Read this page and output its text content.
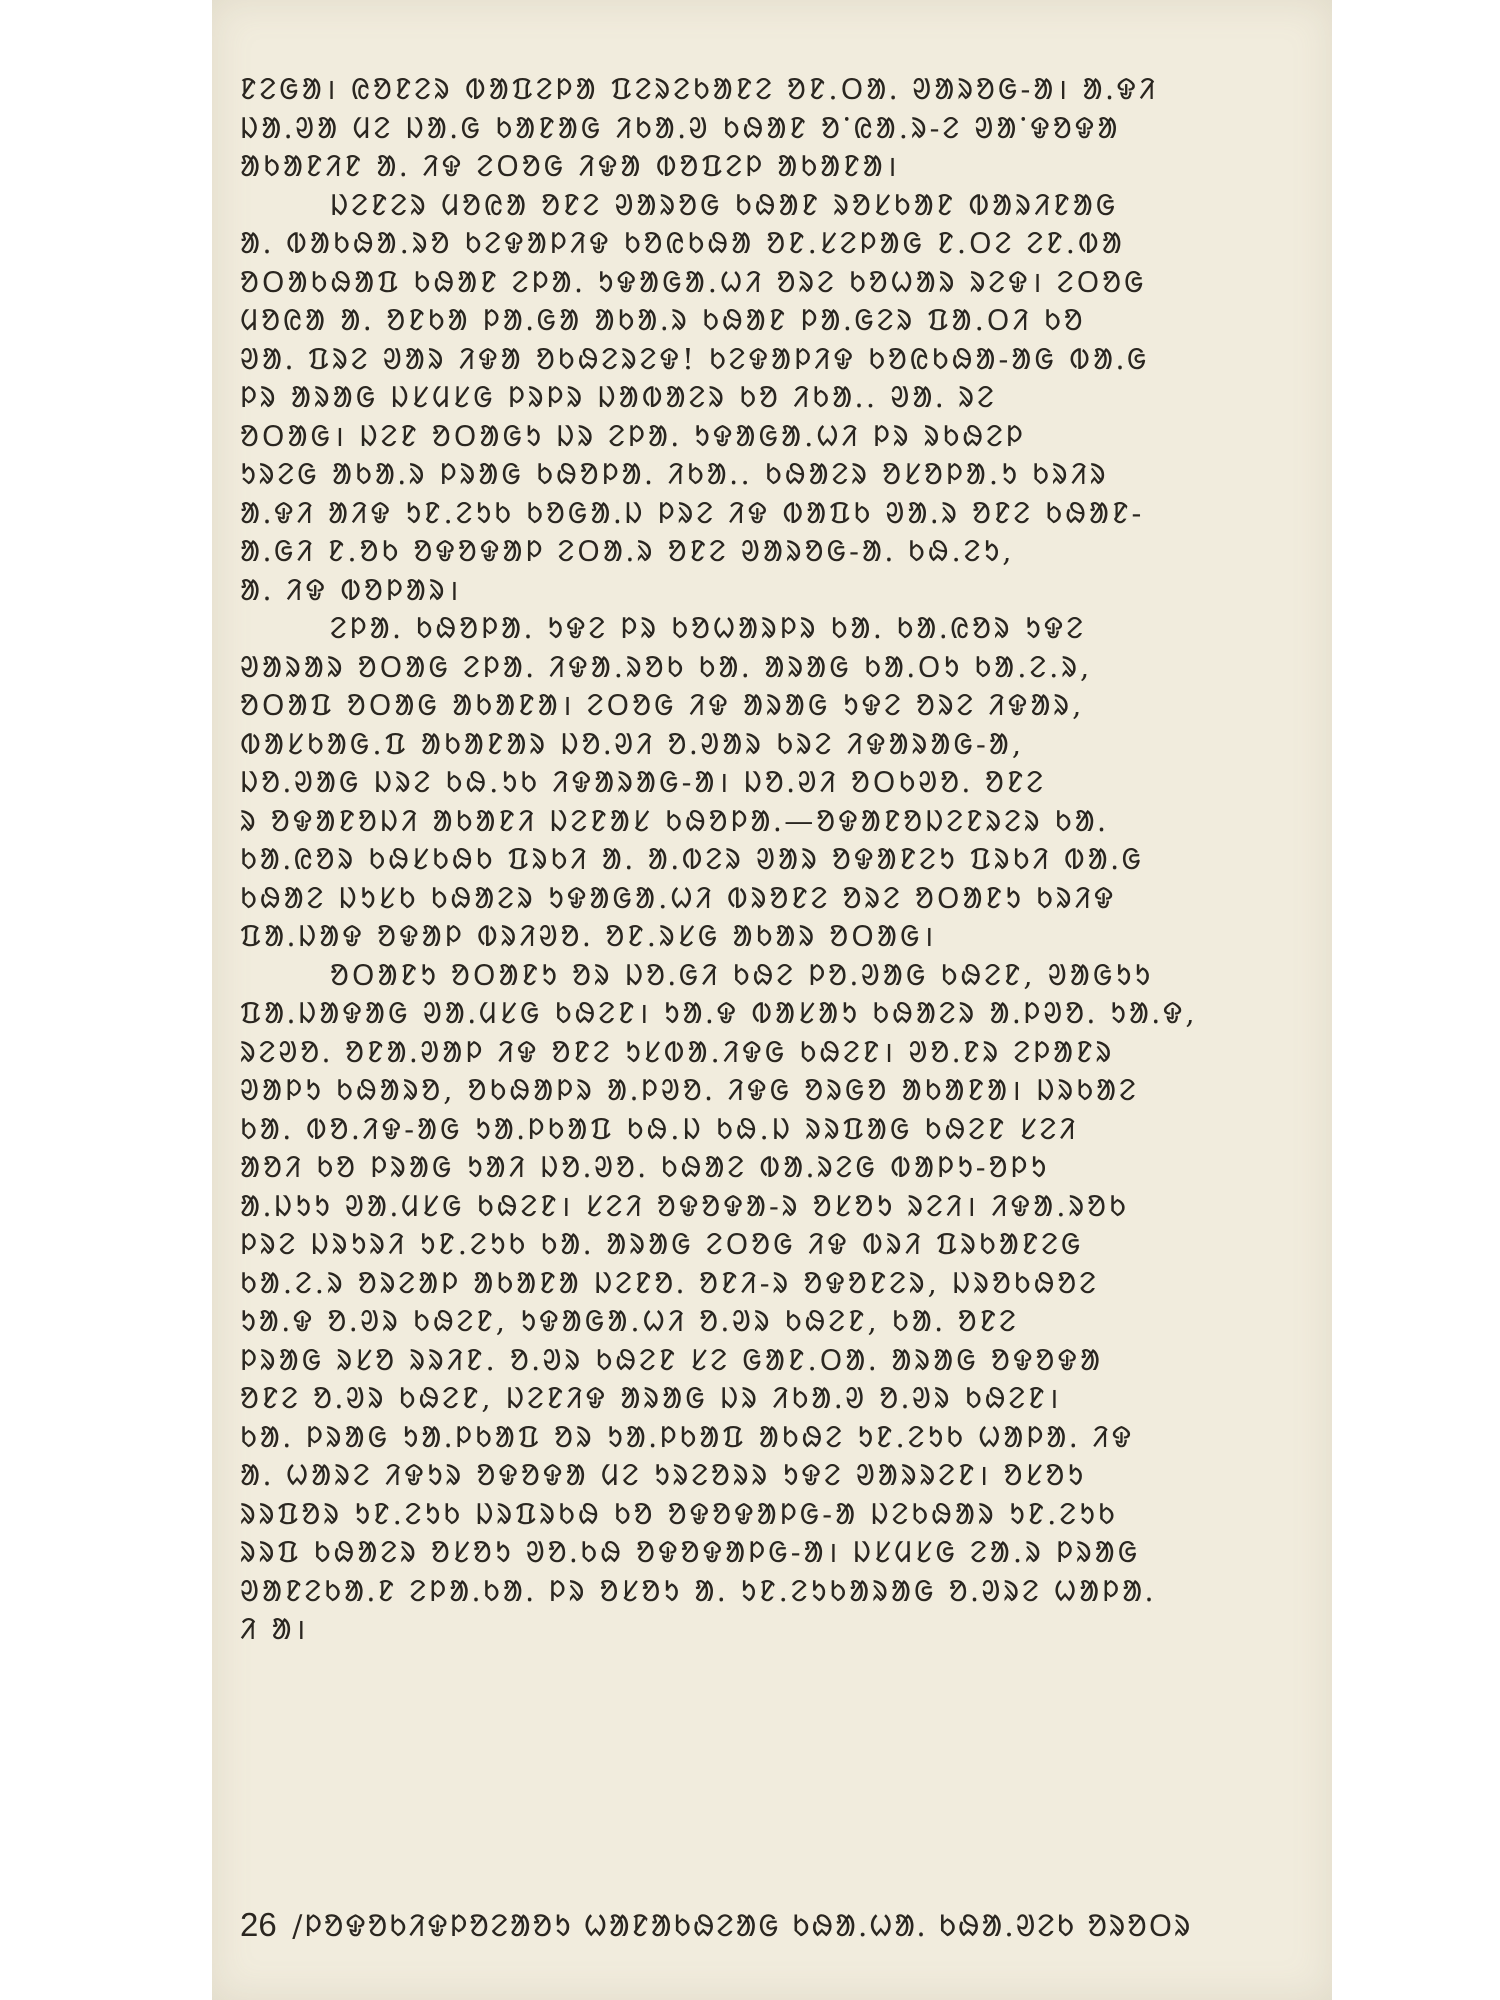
ᱱᱮᱜᱟ। ᱭᱚᱱᱮᱨ ᱵᱟᱯᱮᱞᱟ ᱯᱮᱨᱮᱠᱟᱱᱮ ᱚᱱ.ᱛᱟᱹ ᱣᱟᱨᱚᱜ-ᱟ। ᱟᱹᱫᱤ
ᱡᱟᱹᱣᱟ ᱢᱮ ᱡᱟᱹᱜ ᱠᱟᱱᱟᱜ ᱤᱠᱟᱹᱣ ᱠᱷᱟᱱ ᱚᱸᱭᱟ.ᱨ-ᱮ ᱣᱟᱸᱫᱚᱫᱟ
ᱟᱠᱟᱱᱤᱱ ᱟᱹ ᱤᱫ ᱮᱛᱚᱜ ᱤᱫᱟ ᱵᱚᱯᱮᱞ ᱟᱠᱟᱱᱟ।
ᱡᱮᱱᱮᱨ ᱢᱚᱭᱟ ᱚᱱᱮ ᱣᱟᱨᱚᱜ ᱠᱷᱟᱱ ᱨᱚᱥᱠᱟᱱ ᱵᱟᱨᱤᱱᱟᱜ
ᱟᱹ ᱵᱟᱠᱷᱟ.ᱨᱚ ᱠᱮᱫᱟᱞᱤᱫ ᱠᱚᱭᱠᱷᱟ ᱚᱱ.ᱥᱮᱞᱟᱜ ᱱ.ᱛᱮ ᱮᱱ.ᱵᱟ
ᱚᱛᱟᱠᱷᱟᱯ ᱠᱷᱟᱱ ᱮᱞᱟᱹ ᱩᱫᱟᱜᱟ.ᱦᱤ ᱚᱨᱮ ᱠᱚᱦᱟᱨ ᱨᱮᱫ। ᱮᱛᱚᱜ
ᱢᱚᱭᱟ ᱟᱹ ᱚᱱᱠᱟ ᱞᱟᱹᱜᱟ ᱟᱠᱟᱹᱨ ᱠᱷᱟᱱ ᱞᱟᱹᱜᱮᱨ ᱯᱟ.ᱛᱤ ᱠᱚ
ᱣᱟᱹ ᱯᱨᱮ ᱣᱟᱨ ᱤᱫᱟ ᱚᱠᱷᱮᱨᱮᱫ! ᱠᱮᱫᱟᱞᱤᱫ ᱠᱚᱭᱠᱷᱟ-ᱟᱜ ᱵᱟᱹᱜ
ᱞᱨ ᱟᱨᱟᱜ ᱡᱥᱢᱥᱜ ᱞᱨᱞᱨ ᱡᱟᱵᱟᱮᱨ ᱠᱚ ᱤᱠᱟᱹ. ᱣᱟᱹ ᱨᱮ
ᱚᱛᱟᱜ। ᱡᱮᱱ ᱚᱛᱟᱜᱩ ᱡᱨ ᱮᱞᱟᱹ ᱩᱫᱟᱜᱟ.ᱦᱤ ᱞᱨ ᱨᱠᱷᱮᱞ
ᱩᱨᱮᱜ ᱟᱠᱟᱹᱨ ᱞᱨᱟᱜ ᱠᱷᱚᱞᱟᱹ ᱤᱠᱟᱹ. ᱠᱷᱟᱮᱨ ᱚᱥᱚᱞᱟ.ᱩ ᱠᱨᱤᱨ
ᱟᱹᱫᱤ ᱟᱤᱫ ᱩᱱ.ᱮᱩᱠ ᱠᱚᱜᱟᱹᱡ ᱞᱨᱮ ᱤᱫ ᱵᱟᱯᱠ ᱣᱟᱹᱨ ᱚᱱᱮ ᱠᱷᱟᱱ-
ᱟᱹᱜᱤ ᱱ.ᱚᱠ ᱚᱫᱚᱫᱟᱞ ᱮᱛᱟᱹᱨ ᱚᱱᱮ ᱣᱟᱨᱚᱜ-ᱟᱹ ᱠᱷ.ᱮᱩ,
ᱟᱹ ᱤᱫ ᱵᱚᱞᱟᱨ।
ᱮᱞᱟᱹ ᱠᱷᱚᱞᱟᱹ ᱩᱫᱮ ᱞᱨ ᱠᱚᱦᱟᱨᱞᱨ ᱠᱟᱹ ᱠᱟᱹᱭᱚᱨ ᱩᱫᱮ
ᱣᱟᱨᱟᱨ ᱚᱛᱟᱜ ᱮᱞᱟᱹ ᱤᱫᱟ.ᱨᱚᱠ ᱠᱟᱹ ᱟᱨᱟᱜ ᱠᱟᱹᱛᱩ ᱠᱟ.ᱮ.ᱨ,
ᱚᱛᱟᱯ ᱚᱛᱟᱜ ᱟᱠᱟᱱᱟ। ᱮᱛᱚᱜ ᱤᱫ ᱟᱨᱟᱜ ᱩᱫᱮ ᱚᱨᱮ ᱤᱫᱟᱨ,
ᱵᱟᱥᱠᱟᱜ.ᱯ ᱟᱠᱟᱱᱟᱨ ᱡᱚᱹᱣᱤ ᱚᱹᱣᱟᱨ ᱠᱨᱮ ᱤᱫᱟᱨᱟᱜ-ᱟ,
ᱡᱚᱹᱣᱟᱜ ᱡᱨᱮ ᱠᱷ.ᱩᱠ ᱤᱫᱟᱨᱟᱜ-ᱟ। ᱡᱚᱹᱣᱤ ᱚᱛᱠᱣᱚᱹ ᱚᱱᱮ
ᱨ ᱚᱫᱟᱱᱚᱡᱤ ᱟᱠᱟᱱᱤ ᱡᱮᱱᱟᱥ ᱠᱷᱚᱞᱟᱹ—ᱚᱫᱟᱱᱚᱡᱮᱱᱨᱮᱨ ᱠᱟᱹ
ᱠᱟᱹᱭᱚᱨ ᱠᱷᱥᱠᱷᱠ ᱯᱨᱠᱤ ᱟᱹ ᱟᱹᱵᱮᱨ ᱣᱟᱨ ᱚᱫᱟᱱᱮᱩ ᱯᱨᱠᱤ ᱵᱟᱹᱜ
ᱠᱷᱟᱮ ᱡᱩᱥᱠ ᱠᱷᱟᱮᱨ ᱩᱫᱟᱜᱟ.ᱦᱤ ᱵᱨᱚᱱᱮ ᱚᱨᱮ ᱚᱛᱟᱱᱩ ᱠᱨᱤᱫ
ᱯᱟᱹᱡᱟᱫ ᱚᱫᱟᱞ ᱵᱨᱤᱣᱚᱹ ᱚᱱ.ᱨᱥᱜ ᱟᱠᱟᱨ ᱚᱛᱟᱜ।
ᱚᱛᱟᱱᱩ ᱚᱛᱟᱱᱩ ᱚᱨ ᱡᱚᱹᱜᱤ ᱠᱷᱮ ᱞᱚᱹᱣᱟᱜ ᱠᱷᱮᱱ, ᱣᱟᱜᱩᱩ
ᱯᱟᱹᱡᱟᱫᱟᱜ ᱣᱟᱹᱢᱥᱜ ᱠᱷᱮᱱ। ᱩᱟᱹᱫ ᱵᱟᱥᱟᱩ ᱠᱷᱟᱮᱨ ᱟᱹᱞᱣᱚᱹ ᱩᱟᱹᱫ,
ᱨᱮᱣᱚᱹ ᱚᱱᱟᱹᱣᱟᱞ ᱤᱫ ᱚᱱᱮ ᱩᱥᱵᱟ.ᱤᱫᱜ ᱠᱷᱮᱱ। ᱣᱚᱹᱱᱨ ᱮᱞᱟᱱᱨ
ᱣᱟᱞᱩ ᱠᱷᱟᱨᱚ, ᱚᱠᱷᱟᱞᱨ ᱟᱹᱞᱣᱚᱹ ᱤᱫᱜ ᱚᱨᱜᱚ ᱟᱠᱟᱱᱟ। ᱡᱨᱠᱟᱮ
ᱠᱟᱹ ᱵᱚᱹᱤᱫ-ᱟᱜ ᱩᱟᱹᱞᱠᱟᱯ ᱠᱷ.ᱡ ᱠᱷ.ᱡ ᱨᱨᱯᱟᱜ ᱠᱷᱮᱱ ᱥᱮᱤ
ᱟᱚᱤ ᱠᱚ ᱞᱨᱟᱜ ᱩᱟᱤ ᱡᱚᱹᱣᱚᱹ ᱠᱷᱟᱮ ᱵᱟᱹᱨᱮᱜ ᱵᱟᱞᱩ-ᱚᱞᱩ
ᱟᱹᱡᱩᱩ ᱣᱟᱹᱢᱥᱜ ᱠᱷᱮᱱ। ᱥᱮᱤ ᱚᱫᱚᱫᱟ-ᱨ ᱚᱥᱚᱩ ᱨᱮᱤ। ᱤᱫᱟ.ᱨᱚᱠ
ᱞᱨᱮ ᱡᱨᱩᱨᱤ ᱩᱱ.ᱮᱩᱠ ᱠᱟᱹ ᱟᱨᱟᱜ ᱮᱛᱚᱜ ᱤᱫ ᱵᱨᱤ ᱯᱨᱠᱟᱱᱮᱜ
ᱠᱟ.ᱮ.ᱨ ᱚᱨᱮᱟᱞ ᱟᱠᱟᱱᱟ ᱡᱮᱱᱚᱹ ᱚᱱᱤ-ᱨ ᱚᱫᱚᱱᱮᱨ, ᱡᱨᱚᱠᱷᱚᱮ
ᱩᱟᱹᱫ ᱚᱹᱣᱨ ᱠᱷᱮᱱ, ᱩᱫᱟᱜᱟ.ᱦᱤ ᱚᱹᱣᱨ ᱠᱷᱮᱱ, ᱠᱟᱹ ᱚᱱᱮ
ᱞᱨᱟᱜ ᱨᱥᱚ ᱨᱨᱤᱱ. ᱚᱹᱣᱨ ᱠᱷᱮᱱ ᱥᱮ ᱜᱟᱱ.ᱛᱟᱹ ᱟᱨᱟᱜ ᱚᱫᱚᱫᱟ
ᱚᱱᱮ ᱚᱹᱣᱨ ᱠᱷᱮᱱ, ᱡᱮᱱᱤᱫ ᱟᱨᱟᱜ ᱡᱨ ᱤᱠᱟᱹᱣ ᱚᱹᱣᱨ ᱠᱷᱮᱱ।
ᱠᱟᱹ ᱞᱨᱟᱜ ᱩᱟᱹᱞᱠᱟᱯ ᱚᱨ ᱩᱟᱹᱞᱠᱟᱯ ᱟᱠᱷᱮ ᱩᱱ.ᱮᱩᱠ ᱦᱟᱞᱟᱹ ᱤᱫ
ᱟᱹ ᱦᱟᱨᱮ ᱤᱫᱩᱨ ᱚᱫᱚᱫᱟ ᱢᱮ ᱩᱨᱮᱚᱨᱨ ᱩᱫᱮ ᱣᱟᱨᱨᱮᱱ। ᱚᱥᱚᱩ
ᱨᱨᱯᱚᱨ ᱩᱱ.ᱮᱩᱠ ᱡᱨᱯᱨᱠᱷ ᱠᱚ ᱚᱫᱚᱫᱟᱞᱜ-ᱟ ᱡᱮᱠᱷᱟᱨ ᱩᱱ.ᱮᱩᱠ
ᱨᱨᱯ ᱠᱷᱟᱮᱨ ᱚᱥᱚᱩ ᱣᱚᱹᱠᱷ ᱚᱫᱚᱫᱟᱞᱜ-ᱟ। ᱡᱥᱢᱥᱜ ᱮᱟ.ᱨ ᱞᱨᱟᱜ
ᱣᱟᱱᱮᱠᱟᱹᱱ ᱮᱞᱟᱹᱠᱟᱹ ᱞᱨ ᱚᱥᱚᱩ ᱟᱹ ᱩᱱ.ᱮᱩᱠᱟᱨᱟᱜ ᱚᱹᱣᱨᱮ ᱦᱟᱞᱟᱹ
ᱤ ᱟ।
26 /ᱞᱚᱫᱚᱠᱤᱫᱞᱚᱮᱟᱚᱩ ᱦᱟᱱᱟᱠᱷᱮᱟᱜ ᱠᱷᱟ.ᱦᱟᱹ ᱠᱷᱟ.ᱣᱮᱠ ᱚᱨᱚᱛᱨ
